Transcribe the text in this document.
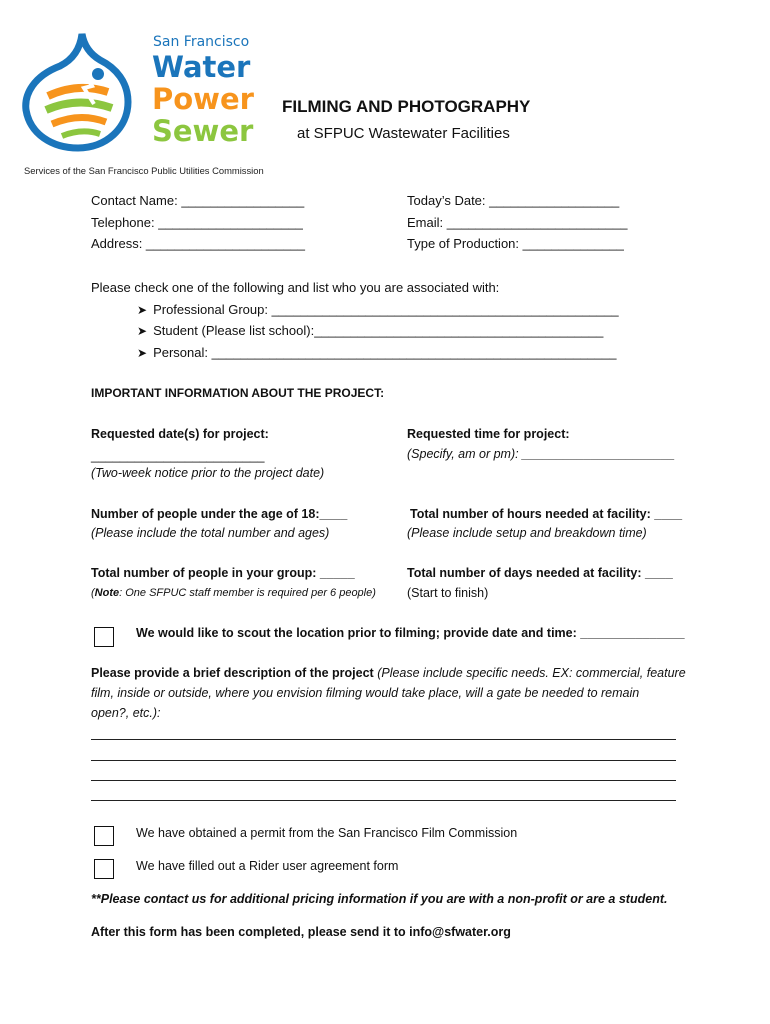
San Francisco
Water
Power
Sewer
Services of the San Francisco Public Utilities Commission
FILMING AND PHOTOGRAPHY
at SFPUC Wastewater Facilities
Contact Name: _________________
Telephone: ____________________
Address: ______________________
Today’s Date: __________________
Email: _________________________
Type of Production: ______________
Please check one of the following and list who you are associated with:
➤ Professional Group: ________________________________________________
➤ Student (Please list school):________________________________________
➤ Personal: ________________________________________________________
IMPORTANT INFORMATION ABOUT THE PROJECT:
Requested date(s) for project:
________________________
(Two-week notice prior to the project date)
Requested time for project:
(Specify, am or pm): ______________________
Number of people under the age of 18:____
(Please include the total number and ages)
Total number of hours needed at facility: ____
(Please include setup and breakdown time)
Total number of people in your group: _____
(Note: One SFPUC staff member is required per 6 people)
Total number of days needed at facility: ____
(Start to finish)
We would like to scout the location prior to filming; provide date and time: _______________
Please provide a brief description of the project (Please include specific needs. EX: commercial, feature
film, inside or outside, where you envision filming would take place, will a gate be needed to remain
open?, etc.):
We have obtained a permit from the San Francisco Film Commission
We have filled out a Rider user agreement form
**Please contact us for additional pricing information if you are with a non-profit or are a student.
After this form has been completed, please send it to info@sfwater.org
